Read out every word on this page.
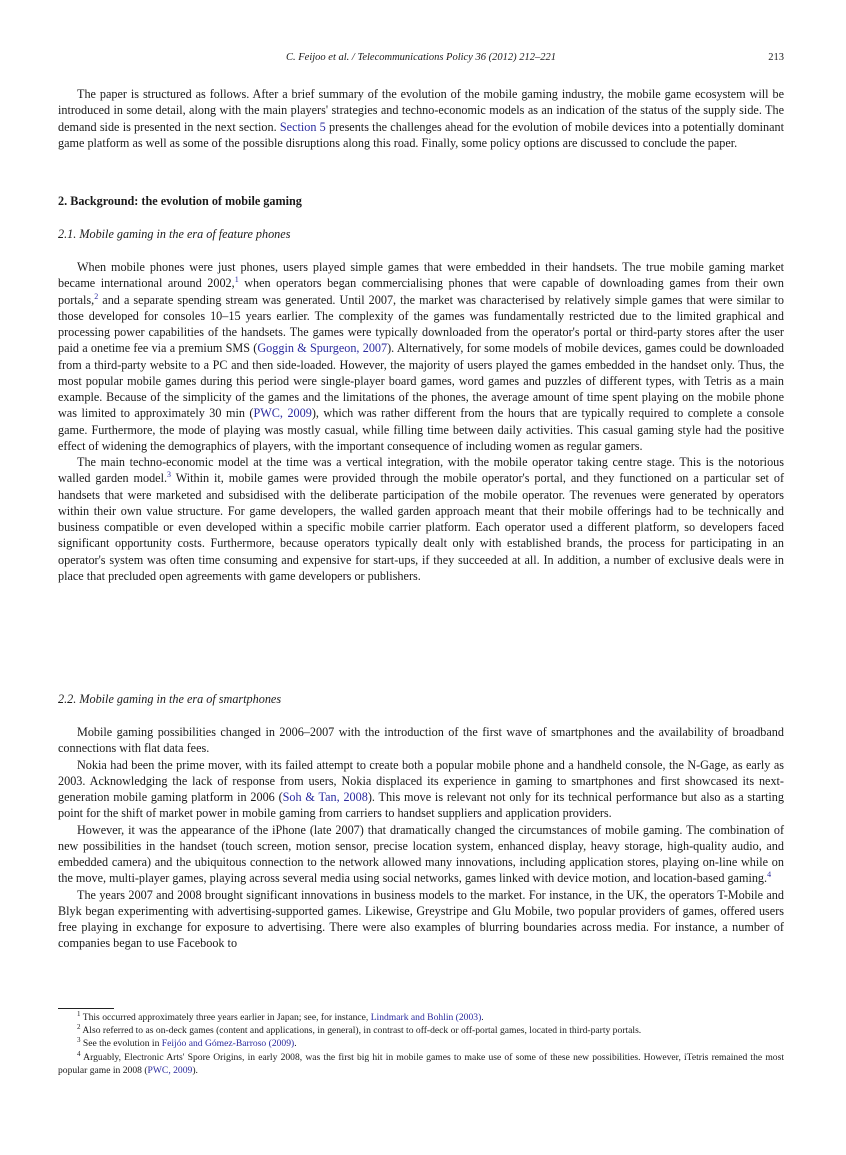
C. Feijoo et al. / Telecommunications Policy 36 (2012) 212–221	213

The paper is structured as follows. After a brief summary of the evolution of the mobile gaming industry, the mobile game ecosystem will be introduced in some detail, along with the main players' strategies and techno-economic models as an indication of the status of the supply side. The demand side is presented in the next section. Section 5 presents the challenges ahead for the evolution of mobile devices into a potentially dominant game platform as well as some of the possible disruptions along this road. Finally, some policy options are discussed to conclude the paper.

2. Background: the evolution of mobile gaming
2.1. Mobile gaming in the era of feature phones

When mobile phones were just phones, users played simple games that were embedded in their handsets. The true mobile gaming market became international around 2002,$^1$ when operators began commercialising phones that were capable of downloading games from their own portals,$^2$ and a separate spending stream was generated. Until 2007, the market was characterised by relatively simple games that were similar to those developed for consoles 10–15 years earlier. The complexity of the games was fundamentally restricted due to the limited graphical and processing power capabilities of the handsets. The games were typically downloaded from the operator's portal or third-party stores after the user paid a onetime fee via a premium SMS (Goggin & Spurgeon, 2007). Alternatively, for some models of mobile devices, games could be downloaded from a third-party website to a PC and then side-loaded. However, the majority of users played the games embedded in the handset only. Thus, the most popular mobile games during this period were single-player board games, word games and puzzles of different types, with Tetris as a main example. Because of the simplicity of the games and the limitations of the phones, the average amount of time spent playing on the mobile phone was limited to approximately 30 min (PWC, 2009), which was rather different from the hours that are typically required to complete a console game. Furthermore, the mode of playing was mostly casual, while filling time between daily activities. This casual gaming style had the positive effect of widening the demographics of players, with the important consequence of including women as regular gamers.

The main techno-economic model at the time was a vertical integration, with the mobile operator taking centre stage. This is the notorious walled garden model.$^3$ Within it, mobile games were provided through the mobile operator's portal, and they functioned on a particular set of handsets that were marketed and subsidised with the deliberate participation of the mobile operator. The revenues were generated by operators within their own value structure. For game developers, the walled garden approach meant that their mobile offerings had to be technically and business compatible or even developed within a specific mobile carrier platform. Each operator used a different platform, so developers faced significant opportunity costs. Furthermore, because operators typically dealt only with established brands, the process for participating in an operator's system was often time consuming and expensive for start-ups, if they succeeded at all. In addition, a number of exclusive deals were in place that precluded open agreements with game developers or publishers.

2.2. Mobile gaming in the era of smartphones

Mobile gaming possibilities changed in 2006–2007 with the introduction of the first wave of smartphones and the availability of broadband connections with flat data fees.

Nokia had been the prime mover, with its failed attempt to create both a popular mobile phone and a handheld console, the N-Gage, as early as 2003. Acknowledging the lack of response from users, Nokia displaced its experience in gaming to smartphones and first showcased its next-generation mobile gaming platform in 2006 (Soh & Tan, 2008). This move is relevant not only for its technical performance but also as a starting point for the shift of market power in mobile gaming from carriers to handset suppliers and application providers.

However, it was the appearance of the iPhone (late 2007) that dramatically changed the circumstances of mobile gaming. The combination of new possibilities in the handset (touch screen, motion sensor, precise location system, enhanced display, heavy storage, high-quality audio, and embedded camera) and the ubiquitous connection to the network allowed many innovations, including application stores, playing on-line while on the move, multi-player games, playing across several media using social networks, games linked with device motion, and location-based gaming.$^4$

The years 2007 and 2008 brought significant innovations in business models to the market. For instance, in the UK, the operators T-Mobile and Blyk began experimenting with advertising-supported games. Likewise, Greystripe and Glu Mobile, two popular providers of games, offered users free playing in exchange for exposure to advertising. There were also examples of blurring boundaries across media. For instance, a number of companies began to use Facebook to

$^1$ This occurred approximately three years earlier in Japan; see, for instance, Lindmark and Bohlin (2003).

$^2$ Also referred to as on-deck games (content and applications, in general), in contrast to off-deck or off-portal games, located in third-party portals.

$^3$ See the evolution in Feijóo and Gómez-Barroso (2009).

$^4$ Arguably, Electronic Arts' Spore Origins, in early 2008, was the first big hit in mobile games to make use of some of these new possibilities. However, iTetris remained the most popular game in 2008 (PWC, 2009).
